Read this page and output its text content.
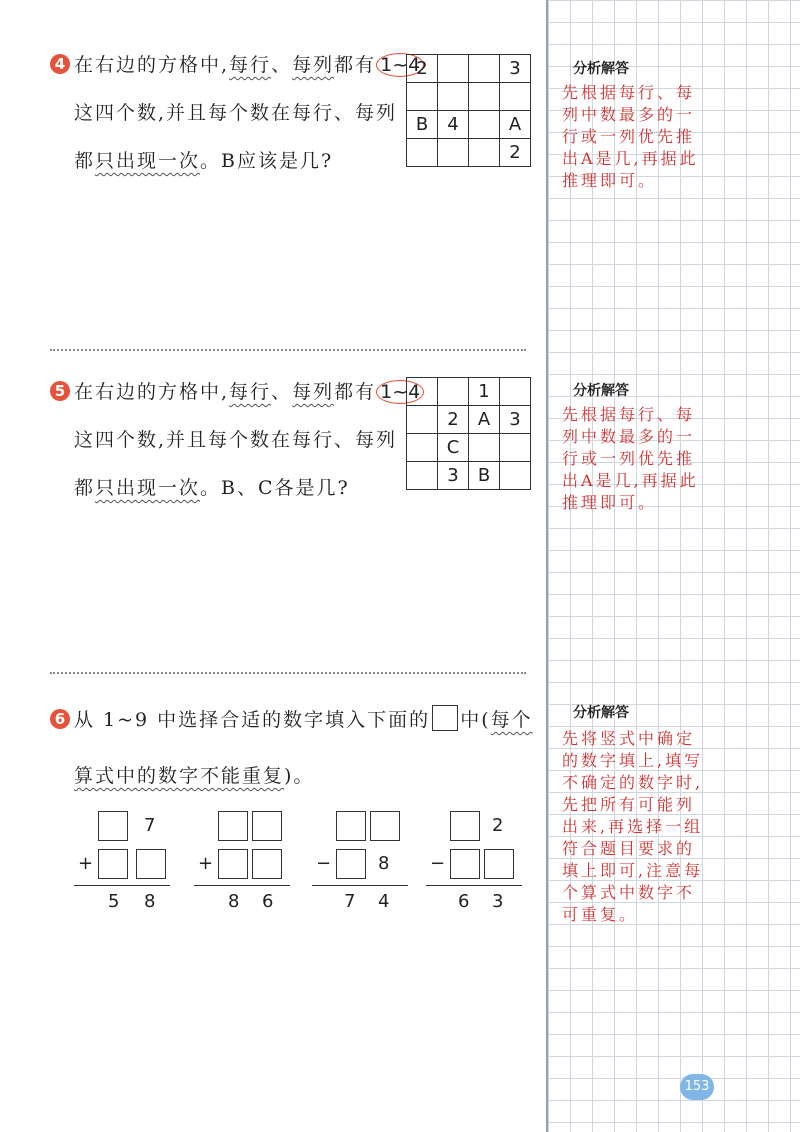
4 在右边的方格中,每行、每列都有 1~4
这四个数,并且每个数在每行、每列
都只出现一次。B应该是几?
2			3

B	4		A
			2
5 在右边的方格中,每行、每列都有 1~4
这四个数,并且每个数在每行、每列
都只出现一次。B、C各是几?
		1	
	2	A	3
	C		
	3	B	
6 从 1~9 中选择合适的数字填入下面的 中(每个
算式中的数字不能重复)。
7
+
5 8
+
8 6
−	8
7 4
2
−
6 3
分析解答
先根据每行、每列中数最多的一行或一列优先推出A是几,再据此推理即可。
分析解答
先根据每行、每列中数最多的一行或一列优先推出A是几,再据此推理即可。
分析解答
先将竖式中确定的数字填上,填写不确定的数字时,先把所有可能列出来,再选择一组符合题目要求的填上即可,注意每个算式中数字不可重复。
153
